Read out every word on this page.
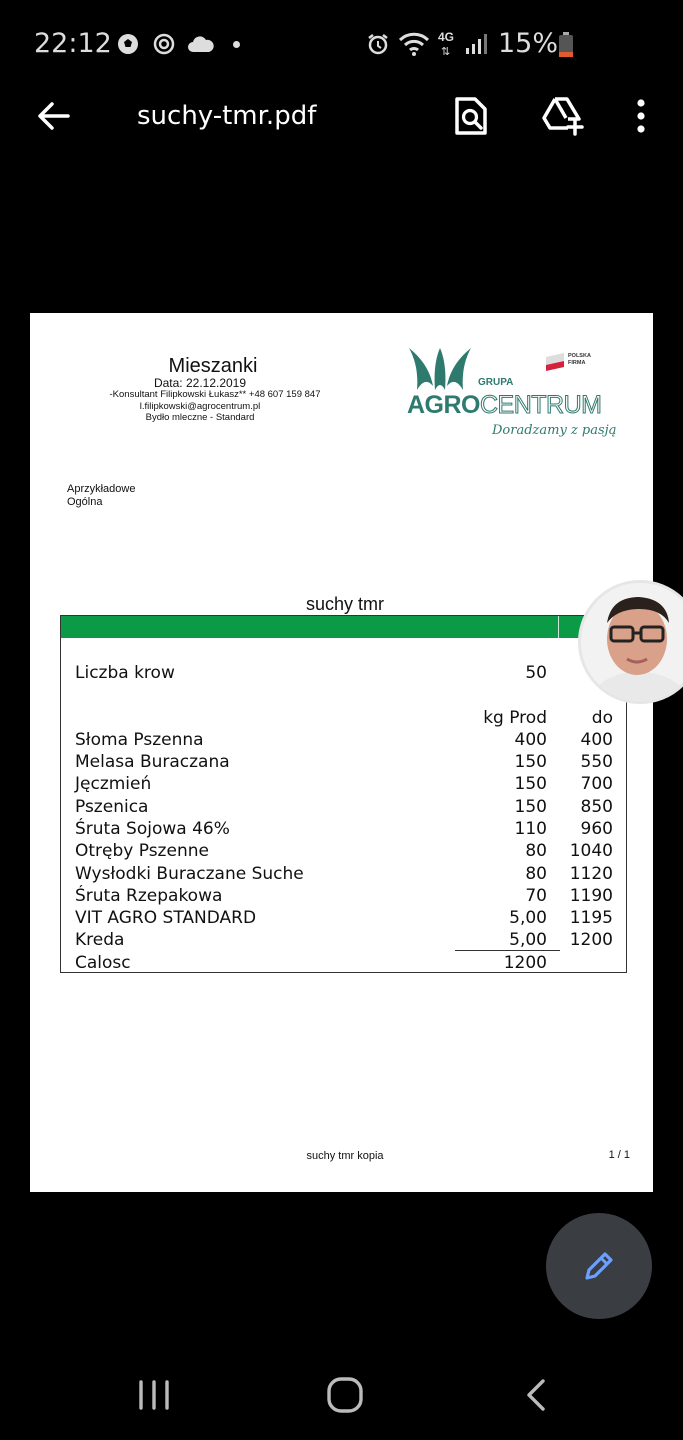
22:12	4G
⇅ 15%
suchy-tmr.pdf
Mieszanki
Data: 22.12.2019
-Konsultant Filipkowski Łukasz** +48 607 159 847
l.filipkowski@agrocentrum.pl
Bydło mleczne - Standard
POLSKA FIRMA
GRUPA
AGROCENTRUM
Doradzamy z pasją
Aprzykładowe
Ogólna
suchy tmr
Liczba krow	50
kg Prod	do
Słoma Pszenna	400 400
Melasa Buraczana	150 550
Jęczmień	150 700
Pszenica	150 850
Śruta Sojowa 46%	110 960
Otręby Pszenne	80 1040
Wysłodki Buraczane Suche	80 1120
Śruta Rzepakowa	70 1190
VIT AGRO STANDARD	5,00 1195
Kreda	5,00 1200
Calosc	1200
suchy tmr kopia	1 / 1
